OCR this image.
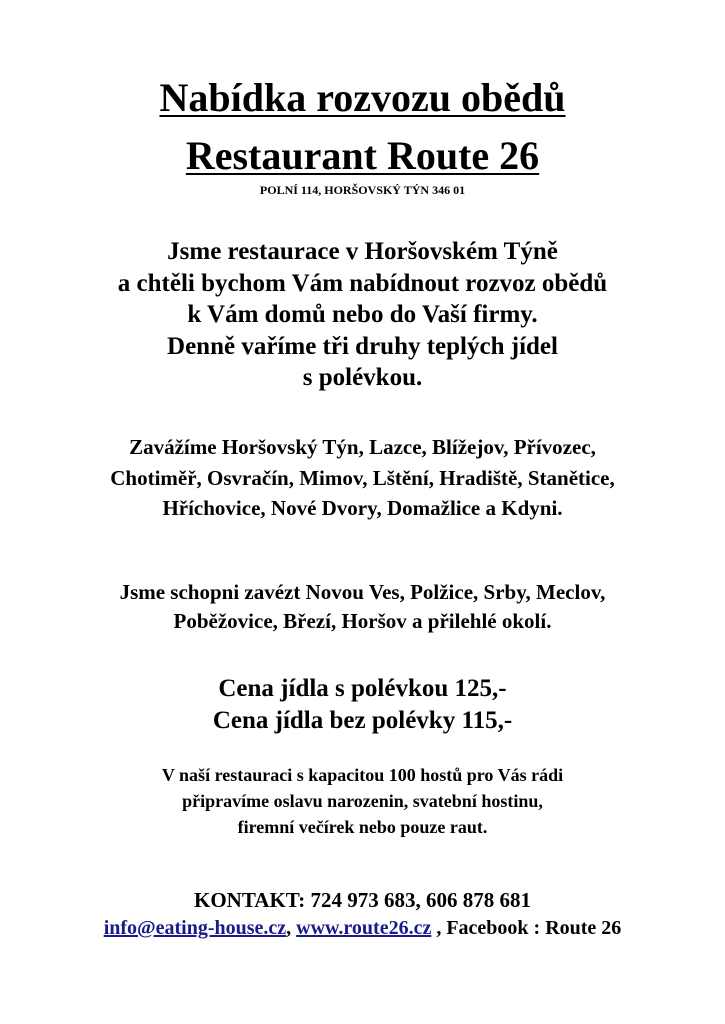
Nabídka rozvozu obědů
Restaurant Route 26
POLNÍ 114, HORŠOVSKÝ TÝN 346 01
Jsme restaurace v Horšovském Týně
a chtěli bychom Vám nabídnout rozvoz obědů
k Vám domů nebo do Vaší firmy.
Denně vaříme tři druhy teplých jídel
s polévkou.
Zavážíme Horšovský Týn, Lazce, Blížejov, Přívozec,
Chotiměř, Osvračín, Mimov, Lštění, Hradiště, Stanětice,
Hříchovice, Nové Dvory, Domažlice a Kdyni.
Jsme schopni zavézt Novou Ves, Polžice, Srby, Meclov,
Poběžovice, Březí, Horšov a přilehlé okolí.
Cena jídla s polévkou 125,-
Cena jídla bez polévky 115,-
V naší restauraci s kapacitou 100 hostů pro Vás rádi
připravíme oslavu narozenin, svatební hostinu,
firemní večírek nebo pouze raut.
KONTAKT: 724 973 683, 606 878 681
info@eating-house.cz, www.route26.cz , Facebook : Route 26
